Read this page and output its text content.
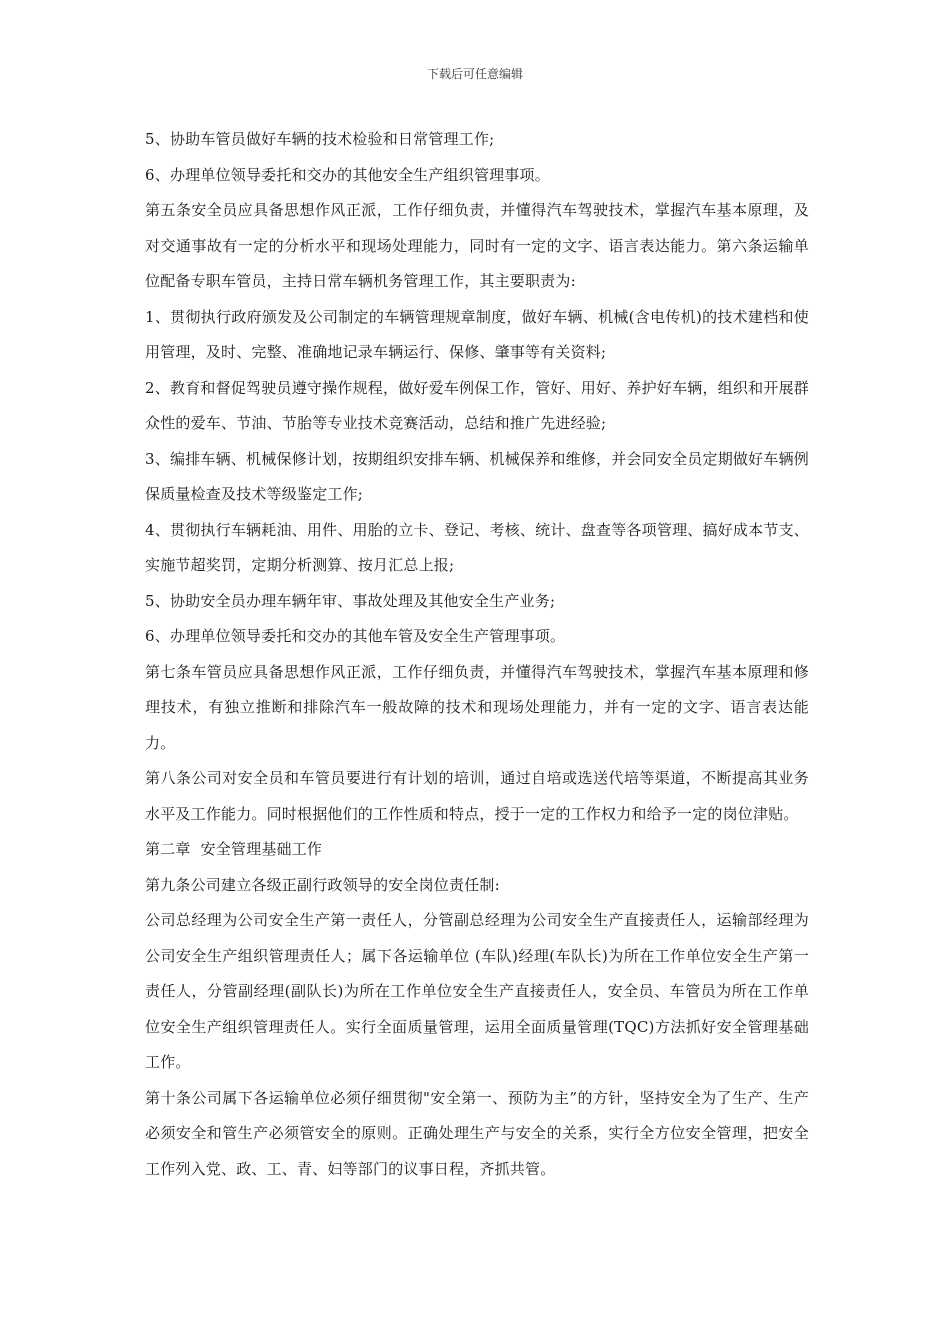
下载后可任意编辑

5、协助车管员做好车辆的技术检验和日常管理工作;

6、办理单位领导委托和交办的其他安全生产组织管理事项。

第五条安全员应具备思想作风正派，工作仔细负责，并懂得汽车驾驶技术，掌握汽车基本原理，及对交通事故有一定的分析水平和现场处理能力，同时有一定的文字、语言表达能力。第六条运输单位配备专职车管员，主持日常车辆机务管理工作，其主要职责为:

1、贯彻执行政府颁发及公司制定的车辆管理规章制度，做好车辆、机械(含电传机)的技术建档和使用管理，及时、完整、准确地记录车辆运行、保修、肇事等有关资料;

2、教育和督促驾驶员遵守操作规程，做好爱车例保工作，管好、用好、养护好车辆，组织和开展群众性的爱车、节油、节胎等专业技术竞赛活动，总结和推广先进经验;

3、编排车辆、机械保修计划，按期组织安排车辆、机械保养和维修，并会同安全员定期做好车辆例保质量检查及技术等级鉴定工作;

4、贯彻执行车辆耗油、用件、用胎的立卡、登记、考核、统计、盘查等各项管理、搞好成本节支、实施节超奖罚，定期分析测算、按月汇总上报;

5、协助安全员办理车辆年审、事故处理及其他安全生产业务;

6、办理单位领导委托和交办的其他车管及安全生产管理事项。

第七条车管员应具备思想作风正派，工作仔细负责，并懂得汽车驾驶技术，掌握汽车基本原理和修理技术，有独立推断和排除汽车一般故障的技术和现场处理能力，并有一定的文字、语言表达能力。

第八条公司对安全员和车管员要进行有计划的培训，通过自培或选送代培等渠道，不断提高其业务水平及工作能力。同时根据他们的工作性质和特点，授于一定的工作权力和给予一定的岗位津贴。

第二章  安全管理基础工作

第九条公司建立各级正副行政领导的安全岗位责任制:

公司总经理为公司安全生产第一责任人，分管副总经理为公司安全生产直接责任人，运输部经理为公司安全生产组织管理责任人；属下各运输单位 (车队)经理(车队长)为所在工作单位安全生产第一责任人，分管副经理(副队长)为所在工作单位安全生产直接责任人，安全员、车管员为所在工作单位安全生产组织管理责任人。实行全面质量管理，运用全面质量管理(TQC)方法抓好安全管理基础工作。

第十条公司属下各运输单位必须仔细贯彻"安全第一、预防为主”的方针，坚持安全为了生产、生产必须安全和管生产必须管安全的原则。正确处理生产与安全的关系，实行全方位安全管理，把安全工作列入党、政、工、青、妇等部门的议事日程，齐抓共管。
